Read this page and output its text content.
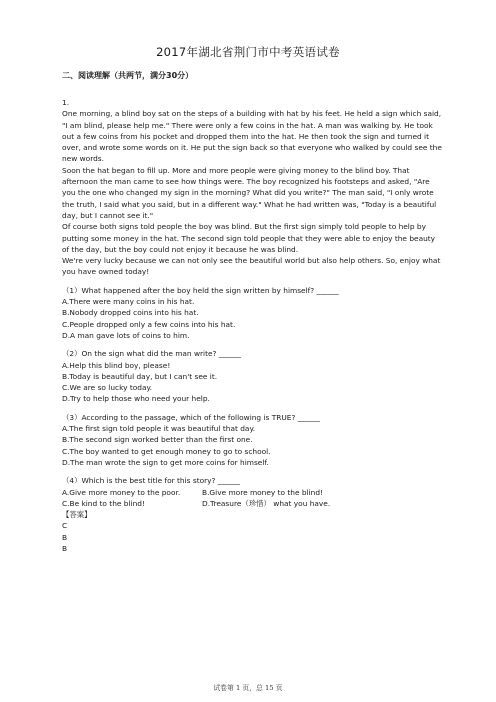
2017年湖北省荆门市中考英语试卷
二、阅读理解（共两节，满分30分）

1.

One morning, a blind boy sat on the steps of a building with hat by his feet. He held a sign which said, "I am blind, please help me." There were only a few coins in the hat. A man was walking by. He took out a few coins from his pocket and dropped them into the hat. He then took the sign and turned it over, and wrote some words on it. He put the sign back so that everyone who walked by could see the new words.

Soon the hat began to fill up. More and more people were giving money to the blind boy. That afternoon the man came to see how things were. The boy recognized his footsteps and asked, "Are you the one who changed my sign in the morning? What did you write?" The man said, "I only wrote the truth, I said what you said, but in a different way." What he had written was, "Today is a beautiful day, but I cannot see it."

Of course both signs told people the boy was blind. But the first sign simply told people to help by putting some money in the hat. The second sign told people that they were able to enjoy the beauty of the day, but the boy could not enjoy it because he was blind.

We're very lucky because we can not only see the beautiful world but also help others. So, enjoy what you have owned today!

（1）What happened after the boy held the sign written by himself? ______

A.There were many coins in his hat.

B.Nobody dropped coins into his hat.

C.People dropped only a few coins into his hat.

D.A man gave lots of coins to him.

（2）On the sign what did the man write? ______

A.Help this blind boy, please!

B.Today is beautiful day, but I can't see it.

C.We are so lucky today.

D.Try to help those who need your help.

（3）According to the passage, which of the following is TRUE? ______

A.The first sign told people it was beautiful that day.

B.The second sign worked better than the first one.

C.The boy wanted to get enough money to go to school.

D.The man wrote the sign to get more coins for himself.

（4）Which is the best title for this story? ______

A.Give more money to the poor.	B.Give more money to the blind!
C.Be kind to the blind!	D.Treasure（珍惜） what you have.

【答案】

C

B

B

试卷第 1 页，总 15 页
